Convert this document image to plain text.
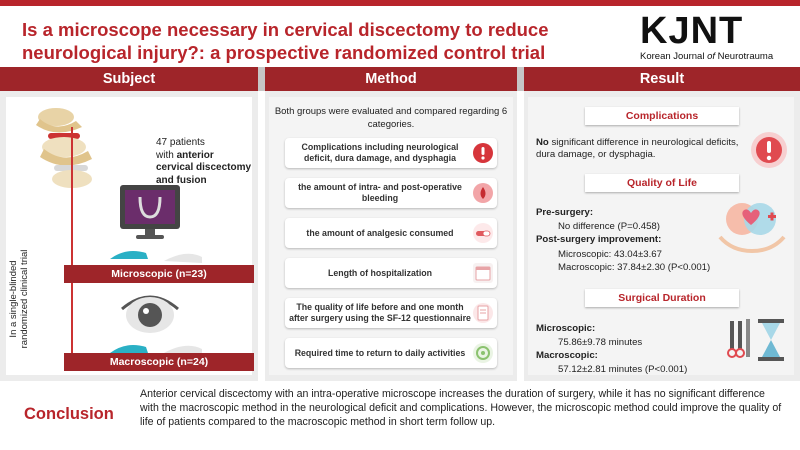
Is a microscope necessary in cervical discectomy to reduce neurological injury?: a prospective randomized control trial
KJNT
Korean Journal of Neurotrauma
Subject	Method	Result
47 patients
with anterior cervical discectomy and fusion
In a single-blinded randomized clinical trial	Microscopic (n=23)
Macroscopic (n=24)
Both groups were evaluated and compared regarding 6 categories.
Complications including neurological deficit, dura damage, and dysphagia
the amount of intra- and post-operative bleeding
the amount of analgesic consumed
Length of hospitalization
The quality of life before and one month after surgery using the SF-12 questionnaire
Required time to return to daily activities
Complications
No significant difference in neurological deficits, dura damage, or dysphagia.
Quality of Life
Pre-surgery:
No difference (P=0.458)
Post-surgery improvement:
Microscopic: 43.04±3.67
Macroscopic: 37.84±2.30 (P<0.001)
Surgical Duration
Microscopic:
75.86±9.78 minutes
Macroscopic:
57.12±2.81 minutes (P<0.001)
Conclusion
Anterior cervical discectomy with an intra-operative microscope increases the duration of surgery, while it has no significant difference with the macroscopic method in the neurological deficit and complications. However, the microscopic method could improve the quality of life of patients compared to the macroscopic method in short term follow up.
